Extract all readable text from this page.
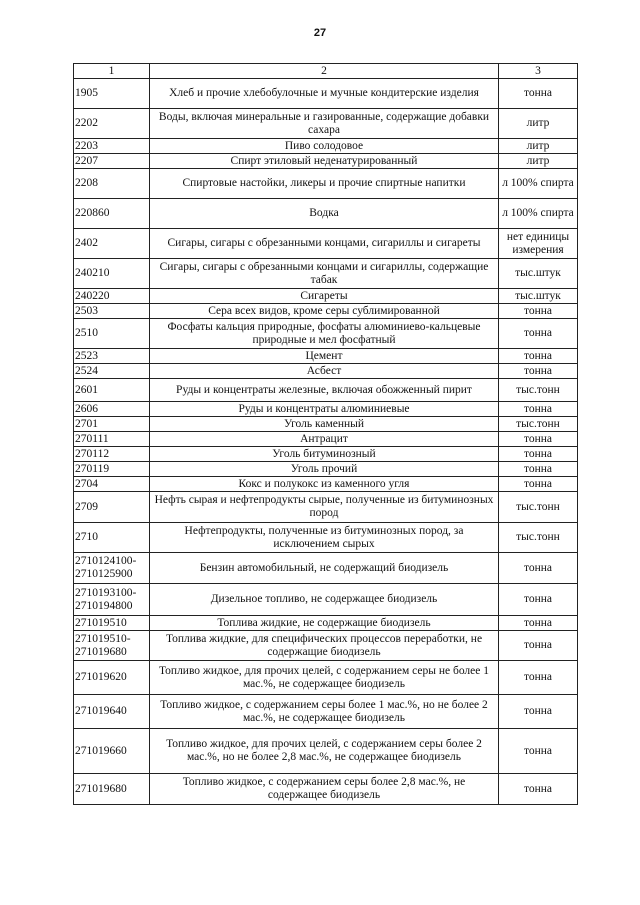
27
1	2	3
1905	Хлеб и прочие хлебобулочные и мучные кондитерские изделия	тонна
2202	Воды, включая минеральные и газированные, содержащие добавки сахара	литр
2203	Пиво солодовое	литр
2207	Спирт этиловый неденатурированный	литр
2208	Спиртовые настойки, ликеры и прочие спиртные напитки	л 100% спирта
220860	Водка	л 100% спирта
2402	Сигары, сигары с обрезанными концами, сигариллы и сигареты	нет единицы измерения
240210	Сигары, сигары с обрезанными концами и сигариллы, содержащие табак	тыс.штук
240220	Сигареты	тыс.штук
2503	Сера всех видов, кроме серы сублимированной	тонна
2510	Фосфаты кальция природные, фосфаты алюминиево-кальцевые природные и мел фосфатный	тонна
2523	Цемент	тонна
2524	Асбест	тонна
2601	Руды и концентраты железные, включая обожженный пирит	тыс.тонн
2606	Руды и концентраты алюминиевые	тонна
2701	Уголь каменный	тыс.тонн
270111	Антрацит	тонна
270112	Уголь битуминозный	тонна
270119	Уголь прочий	тонна
2704	Кокс и полукокс из каменного угля	тонна
2709	Нефть сырая и нефтепродукты сырые, полученные из битуминозных пород	тыс.тонн
2710	Нефтепродукты, полученные из битуминозных пород, за исключением сырых	тыс.тонн
2710124100-2710125900	Бензин автомобильный, не содержащий биодизель	тонна
2710193100-2710194800	Дизельное топливо, не содержащее биодизель	тонна
271019510	Топлива жидкие, не содержащие биодизель	тонна
271019510-271019680	Топлива жидкие, для специфических процессов переработки, не содержащие биодизель	тонна
271019620	Топливо жидкое, для прочих целей, с содержанием серы не более 1 мас.%, не содержащее биодизель	тонна
271019640	Топливо жидкое, с содержанием серы более 1 мас.%, но не более 2 мас.%, не содержащее биодизель	тонна
271019660	Топливо жидкое, для прочих целей, с содержанием серы более 2 мас.%, но не более 2,8 мас.%, не содержащее биодизель	тонна
271019680	Топливо жидкое, с содержанием серы более 2,8 мас.%, не содержащее биодизель	тонна
